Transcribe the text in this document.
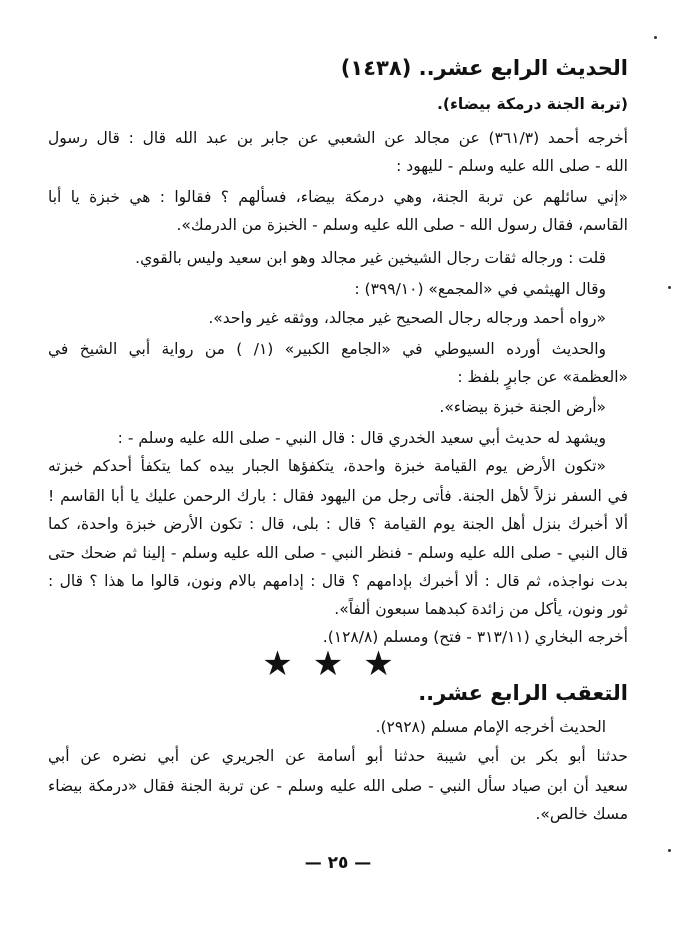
الحديث الرابع عشر.. (١٤٣٨)
(تربة الجنة درمكة بيضاء).
أخرجه أحمد (٣٦١/٣) عن مجالد عن الشعبي عن جابر بن عبد الله قال : قال رسول
الله - صلى الله عليه وسلم - لليهود :
«إني سائلهم عن تربة الجنة، وهي درمكة بيضاء، فسألهم ؟ فقالوا : هي خبزة يا أبا
القاسم، فقال رسول الله - صلى الله عليه وسلم - الخبزة من الدرمك».
قلت : ورجاله ثقات رجال الشيخين غير مجالد وهو ابن سعيد وليس بالقوي.
وقال الهيثمي في «المجمع» (٣٩٩/١٠) :
«رواه أحمد ورجاله رجال الصحيح غير مجالد، ووثقه غير واحد».
والحديث أورده السيوطي في «الجامع الكبير» (١/ ) من رواية أبي الشيخ في
«العظمة» عن جابرٍ بلفظ :
«أرض الجنة خبزة بيضاء».
ويشهد له حديث أبي سعيد الخدري قال : قال النبي - صلى الله عليه وسلم - :
«تكون الأرض يوم القيامة خبزة واحدة، يتكفؤها الجبار بيده كما يتكفأ أحدكم خبزته
في السفر نزلاً لأهل الجنة. فأتى رجل من اليهود فقال : بارك الرحمن عليك يا أبا القاسم !
ألا أخبرك بنزل أهل الجنة يوم القيامة ؟ قال : بلى، قال : تكون الأرض خبزة واحدة، كما
قال النبي - صلى الله عليه وسلم - فنظر النبي - صلى الله عليه وسلم - إلينا ثم ضحك حتى
بدت نواجذه، ثم قال : ألا أخبرك بإدامهم ؟ قال : إدامهم بالام ونون، قالوا ما هذا ؟ قال :
ثور ونون، يأكل من زائدة كبدهما سبعون ألفاً».
أخرجه البخاري (٣١٣/١١ - فتح) ومسلم (١٢٨/٨).
★★★
التعقب الرابع عشر..
الحديث أخرجه الإمام مسلم (٢٩٢٨).
حدثنا أبو بكر بن أبي شيبة حدثنا أبو أسامة عن الجريري عن أبي نضره عن أبي
سعيد أن ابن صياد سأل النبي - صلى الله عليه وسلم - عن تربة الجنة فقال «درمكة بيضاء
مسك خالص».
— ٢٥ —
